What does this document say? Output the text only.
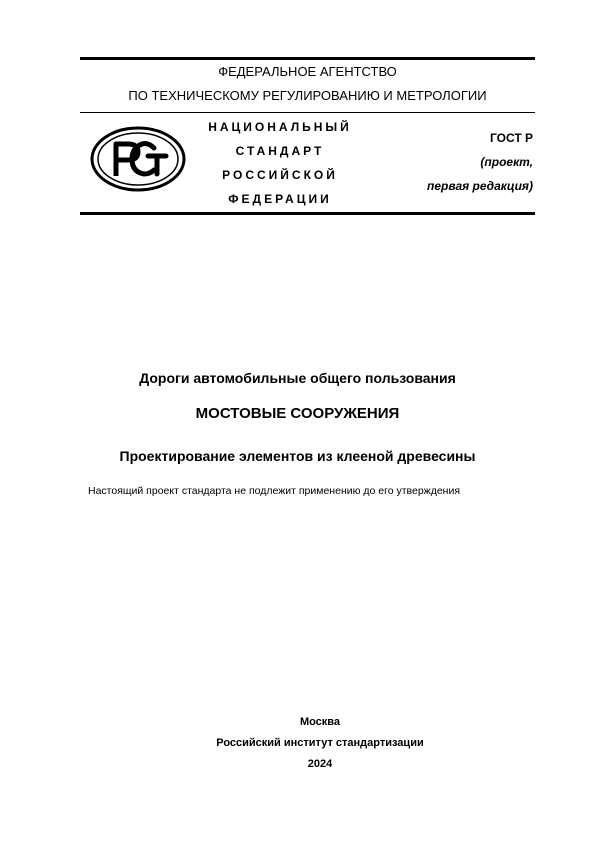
ФЕДЕРАЛЬНОЕ АГЕНТСТВО
ПО ТЕХНИЧЕСКОМУ РЕГУЛИРОВАНИЮ И МЕТРОЛОГИИ
НАЦИОНАЛЬНЫЙ
СТАНДАРТ
РОССИЙСКОЙ
ФЕДЕРАЦИИ
ГОСТ Р
(проект,
первая редакция)
Дороги автомобильные общего пользования
МОСТОВЫЕ СООРУЖЕНИЯ
Проектирование элементов из клееной древесины
Настоящий проект стандарта не подлежит применению до его утверждения
Москва
Российский институт стандартизации
2024
